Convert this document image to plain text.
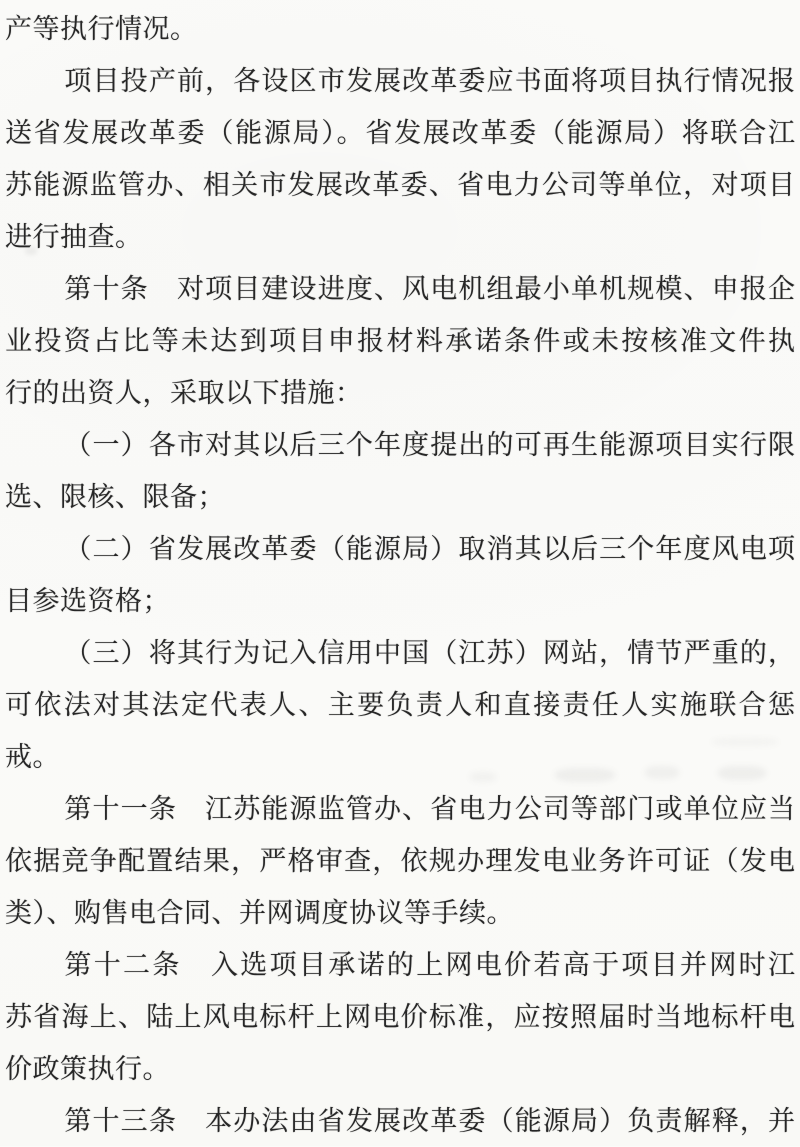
产等执行情况。
项目投产前，各设区市发展改革委应书面将项目执行情况报
送省发展改革委（能源局）。省发展改革委（能源局）将联合江
苏能源监管办、相关市发展改革委、省电力公司等单位，对项目
进行抽查。
第十条　对项目建设进度、风电机组最小单机规模、申报企
业投资占比等未达到项目申报材料承诺条件或未按核准文件执
行的出资人，采取以下措施：
（一）各市对其以后三个年度提出的可再生能源项目实行限
选、限核、限备；
（二）省发展改革委（能源局）取消其以后三个年度风电项
目参选资格；
（三）将其行为记入信用中国（江苏）网站，情节严重的，
可依法对其法定代表人、主要负责人和直接责任人实施联合惩
戒。
第十一条　江苏能源监管办、省电力公司等部门或单位应当
依据竞争配置结果，严格审查，依规办理发电业务许可证（发电
类）、购售电合同、并网调度协议等手续。
第十二条　入选项目承诺的上网电价若高于项目并网时江
苏省海上、陆上风电标杆上网电价标准，应按照届时当地标杆电
价政策执行。
第十三条　本办法由省发展改革委（能源局）负责解释，并
